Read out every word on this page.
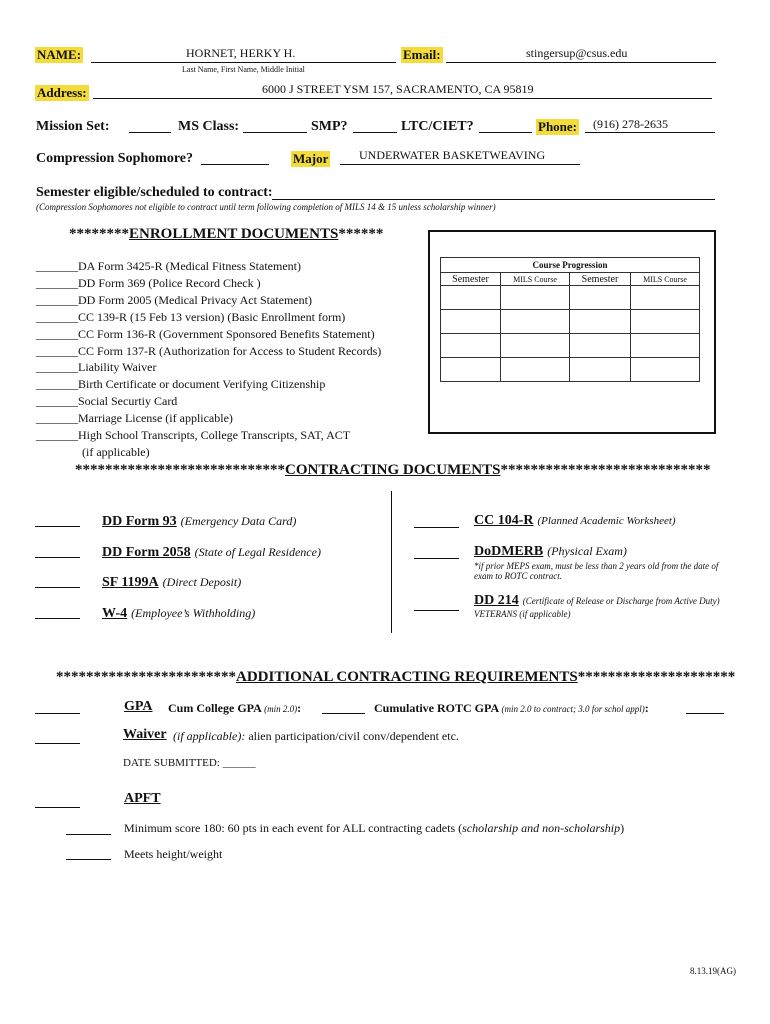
NAME:	HORNET, HERKY H.
Last Name, First Name, Middle Initial
Email:	stingersup@csus.edu
Address:	6000 J STREET YSM 157, SACRAMENTO, CA 95819
Mission Set:	MS Class:	SMP?	LTC/CIET?	Phone: (916) 278-2635
Compression Sophomore?	Major	UNDERWATER BASKETWEAVING
Semester eligible/scheduled to contract:
(Compression Sophomores not eligible to contract until term following completion of MILS 14 & 15 unless scholarship winner)
********ENROLLMENT DOCUMENTS******
_______DA Form 3425-R (Medical Fitness Statement)
_______DD Form 369 (Police Record Check )
_______DD Form 2005 (Medical Privacy Act Statement)
_______CC 139-R (15 Feb 13 version) (Basic Enrollment form)
_______CC Form 136-R (Government Sponsored Benefits Statement)
_______CC Form 137-R (Authorization for Access to Student Records)
_______Liability Waiver
_______Birth Certificate or document Verifying Citizenship
_______Social Securtiy Card
_______Marriage License (if applicable)
_______High School Transcripts, College Transcripts, SAT, ACT
(if applicable)
Course Progression			
Semester	MILS Course	Semester	MILS Course

****************************CONTRACTING DOCUMENTS****************************
DD Form 93 (Emergency Data Card)
DD Form 2058 (State of Legal Residence)
SF 1199A (Direct Deposit)
W-4 (Employee’s Withholding)
CC 104-R (Planned Academic Worksheet)
DoDMERB (Physical Exam)
*if prior MEPS exam, must be less than 2 years old from the date of exam to ROTC contract.
DD 214 (Certificate of Release or Discharge from Active Duty) VETERANS (if applicable)
************************ADDITIONAL CONTRACTING REQUIREMENTS*********************
GPA Cum College GPA (min 2.0):	Cumulative ROTC GPA (min 2.0 to contract; 3.0 for schol appl):
Waiver (if applicable): alien participation/civil conv/dependent etc.
DATE SUBMITTED: ______
APFT
Minimum score 180: 60 pts in each event for ALL contracting cadets (scholarship and non-scholarship)
Meets height/weight
8.13.19(AG)
